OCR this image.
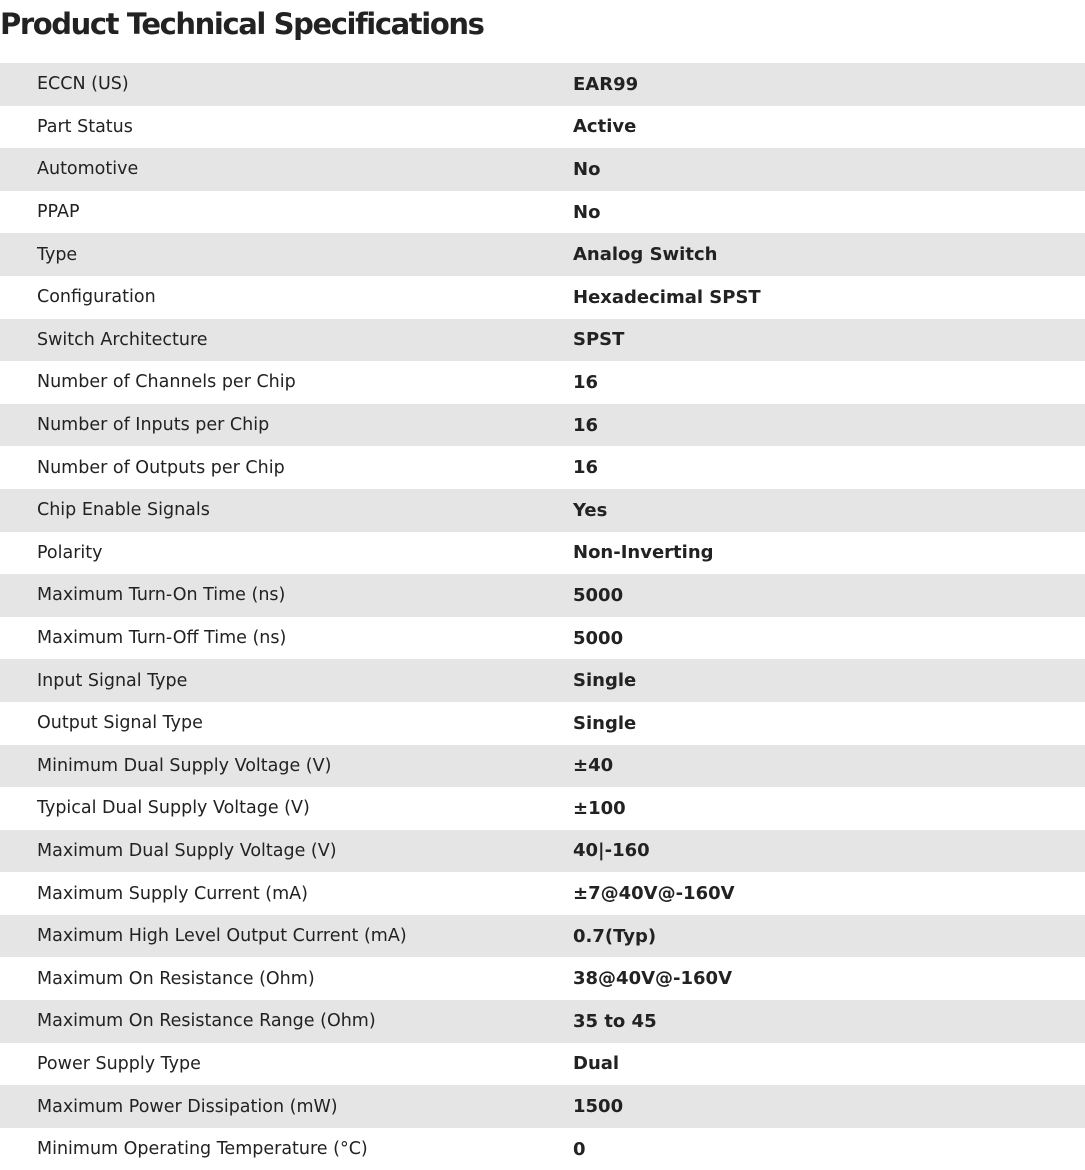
Product Technical Specifications
ECCN (US)	EAR99
Part Status	Active
Automotive	No
PPAP	No
Type	Analog Switch
Configuration	Hexadecimal SPST
Switch Architecture	SPST
Number of Channels per Chip	16
Number of Inputs per Chip	16
Number of Outputs per Chip	16
Chip Enable Signals	Yes
Polarity	Non-Inverting
Maximum Turn-On Time (ns)	5000
Maximum Turn-Off Time (ns)	5000
Input Signal Type	Single
Output Signal Type	Single
Minimum Dual Supply Voltage (V)	±40
Typical Dual Supply Voltage (V)	±100
Maximum Dual Supply Voltage (V)	40|-160
Maximum Supply Current (mA)	±7@40V@-160V
Maximum High Level Output Current (mA)	0.7(Typ)
Maximum On Resistance (Ohm)	38@40V@-160V
Maximum On Resistance Range (Ohm)	35 to 45
Power Supply Type	Dual
Maximum Power Dissipation (mW)	1500
Minimum Operating Temperature (°C)	0
